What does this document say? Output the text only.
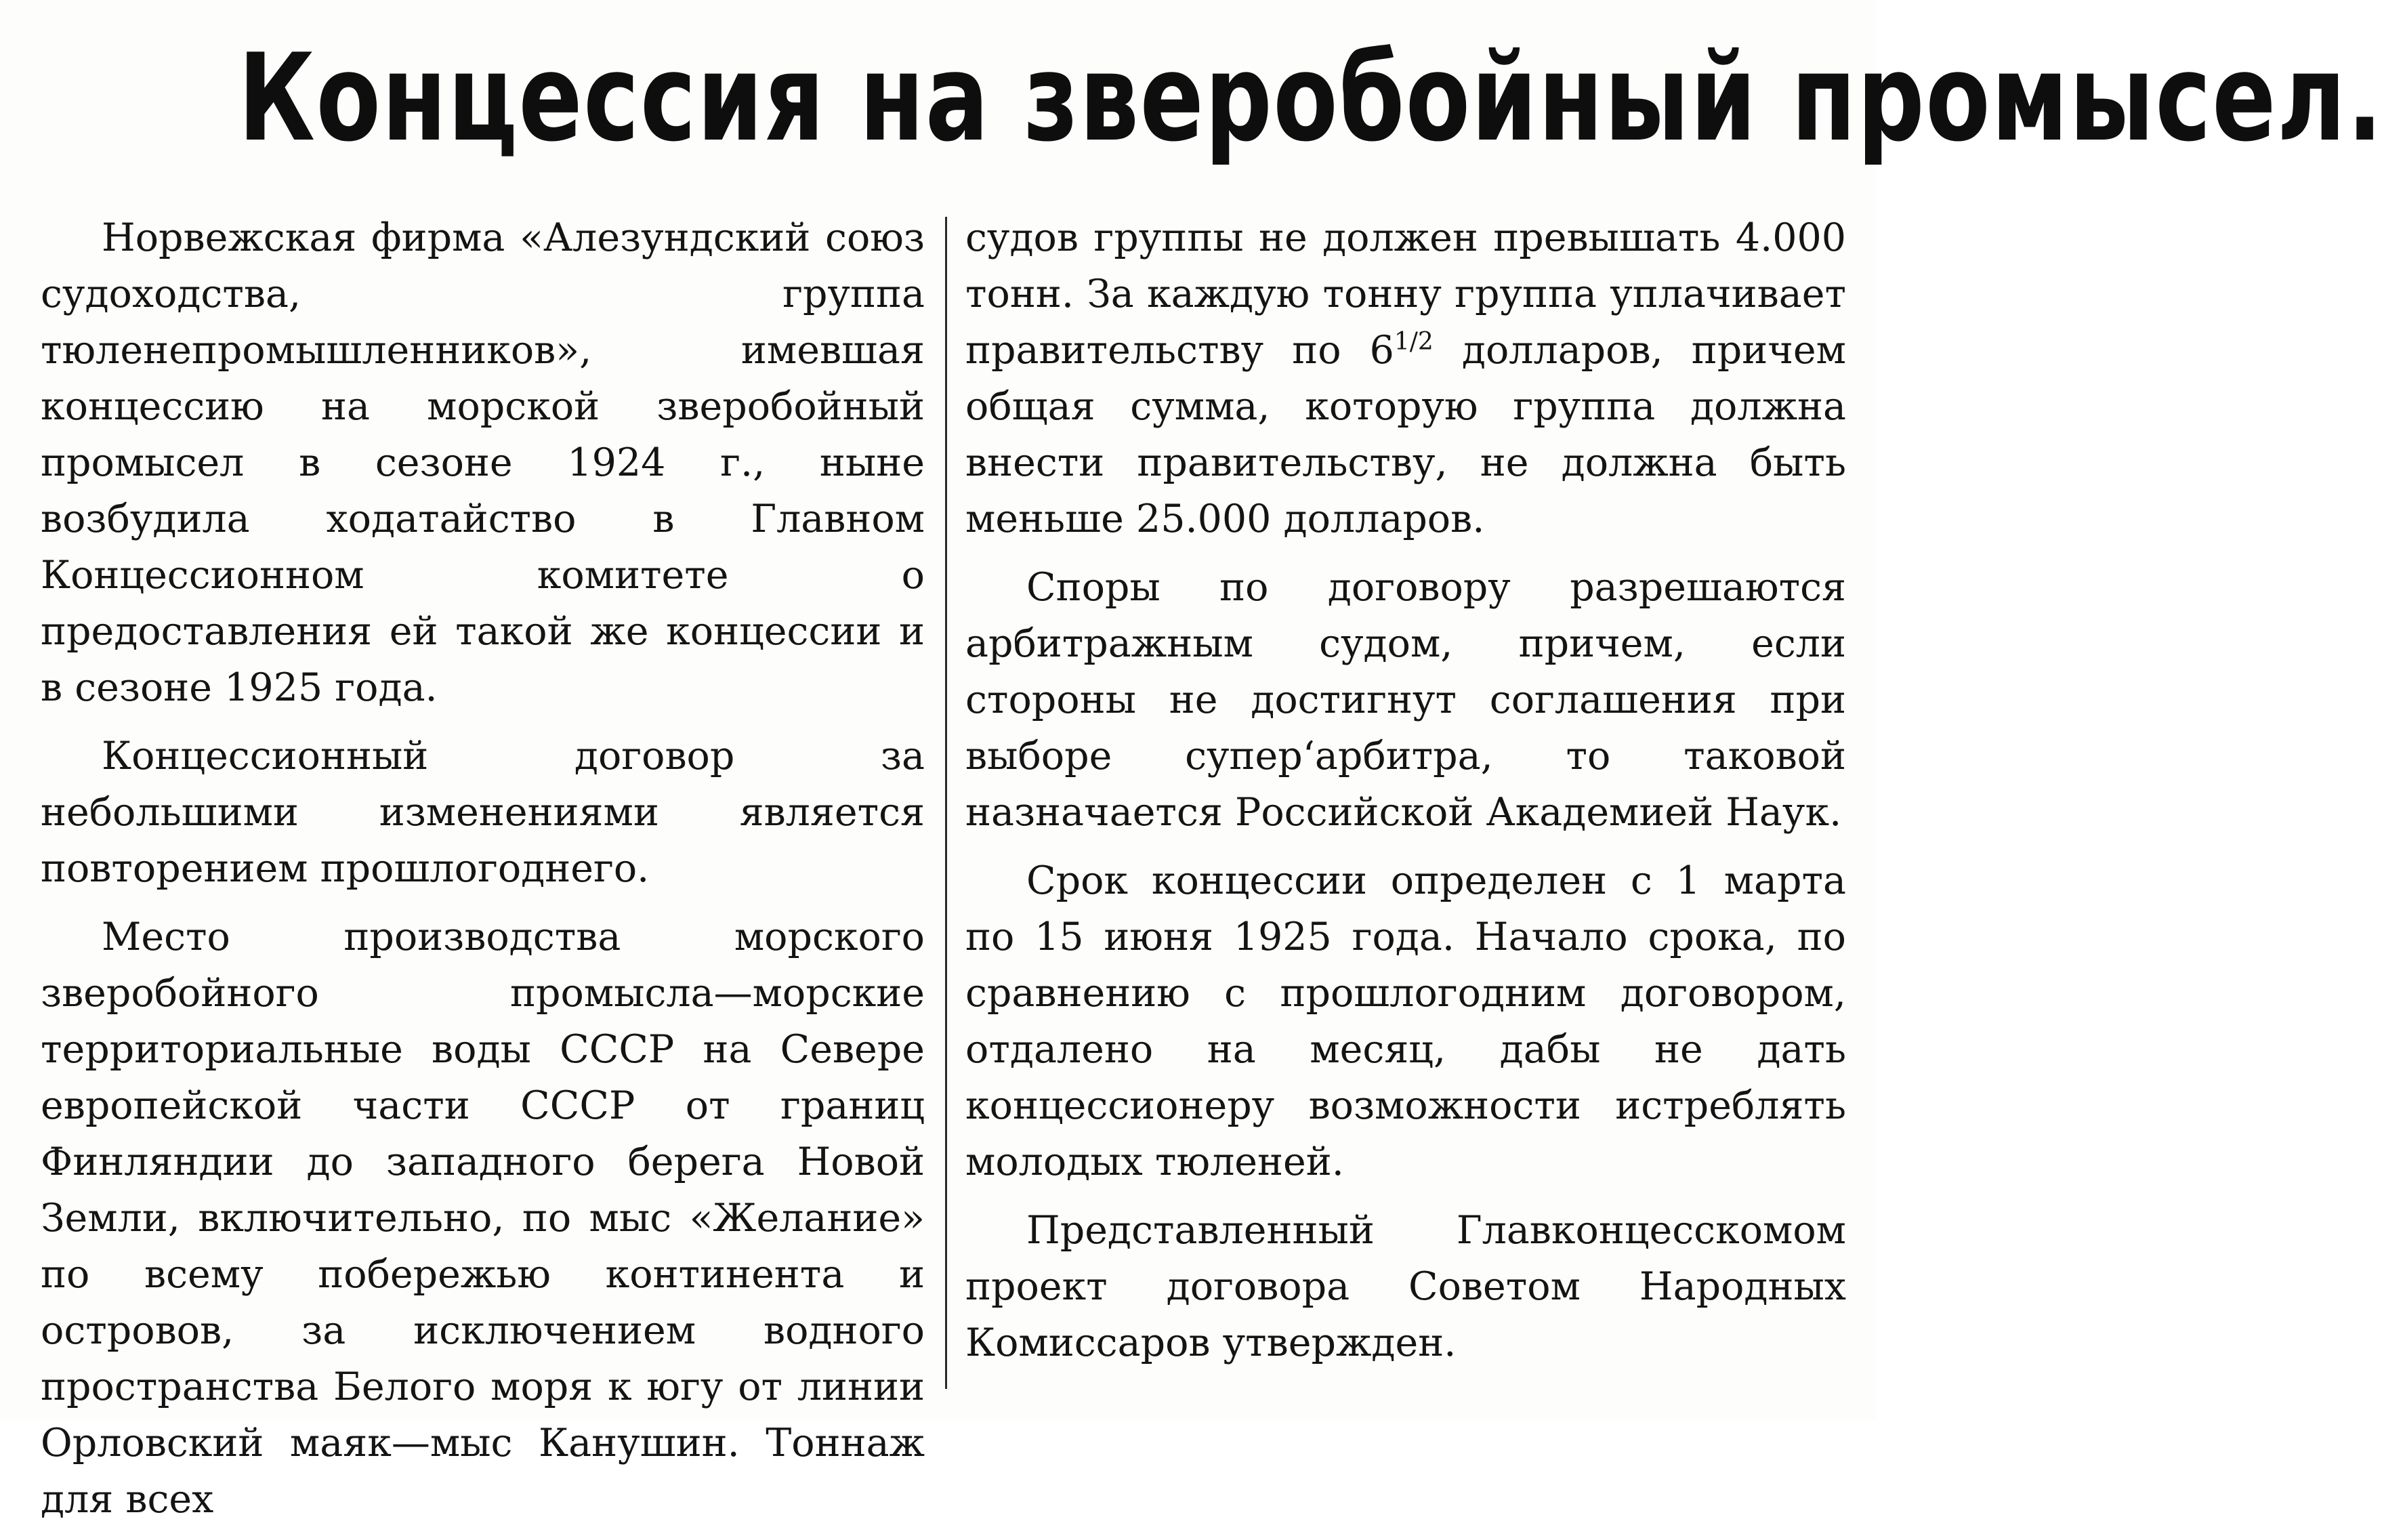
Концессия на зверобойный промысел.

Норвежская фирма «Алезундский союз судоходства, группа тюленепромышленников», имевшая концессию на морской зверобойный промысел в сезоне 1924 г., ныне возбудила ходатайство в Главном Концессионном комитете о предоставления ей такой же концессии и в сезоне 1925 года.

Концессионный договор за небольшими изменениями является повторением прошлогоднего.

Место производства морского зверобойного промысла—морские территориальные воды СССР на Севере европейской части СССР от границ Финляндии до западного берега Новой Земли, включительно, по мыс «Желание» по всему побережью континента и островов, за исключением водного пространства Белого моря к югу от линии Орловский маяк—мыс Канушин. Тоннаж для всех

судов группы не должен превышать 4.000 тонн. За каждую тонну группа уплачивает правительству по $6^{1/2}$ долларов, причем общая сумма, которую группа должна внести правительству, не должна быть меньше 25.000 долларов.

Споры по договору разрешаются арбитражным судом, причем, если стороны не достигнут соглашения при выборе супер‘арбитра, то таковой назначается Российской Академией Наук.

Срок концессии определен с 1 марта по 15 июня 1925 года. Начало срока, по сравнению с прошлогодним договором, отдалено на месяц, дабы не дать концессионеру возможности истреблять молодых тюленей.

Представленный Главконцесскомом проект договора Советом Народных Комиссаров утвержден.
